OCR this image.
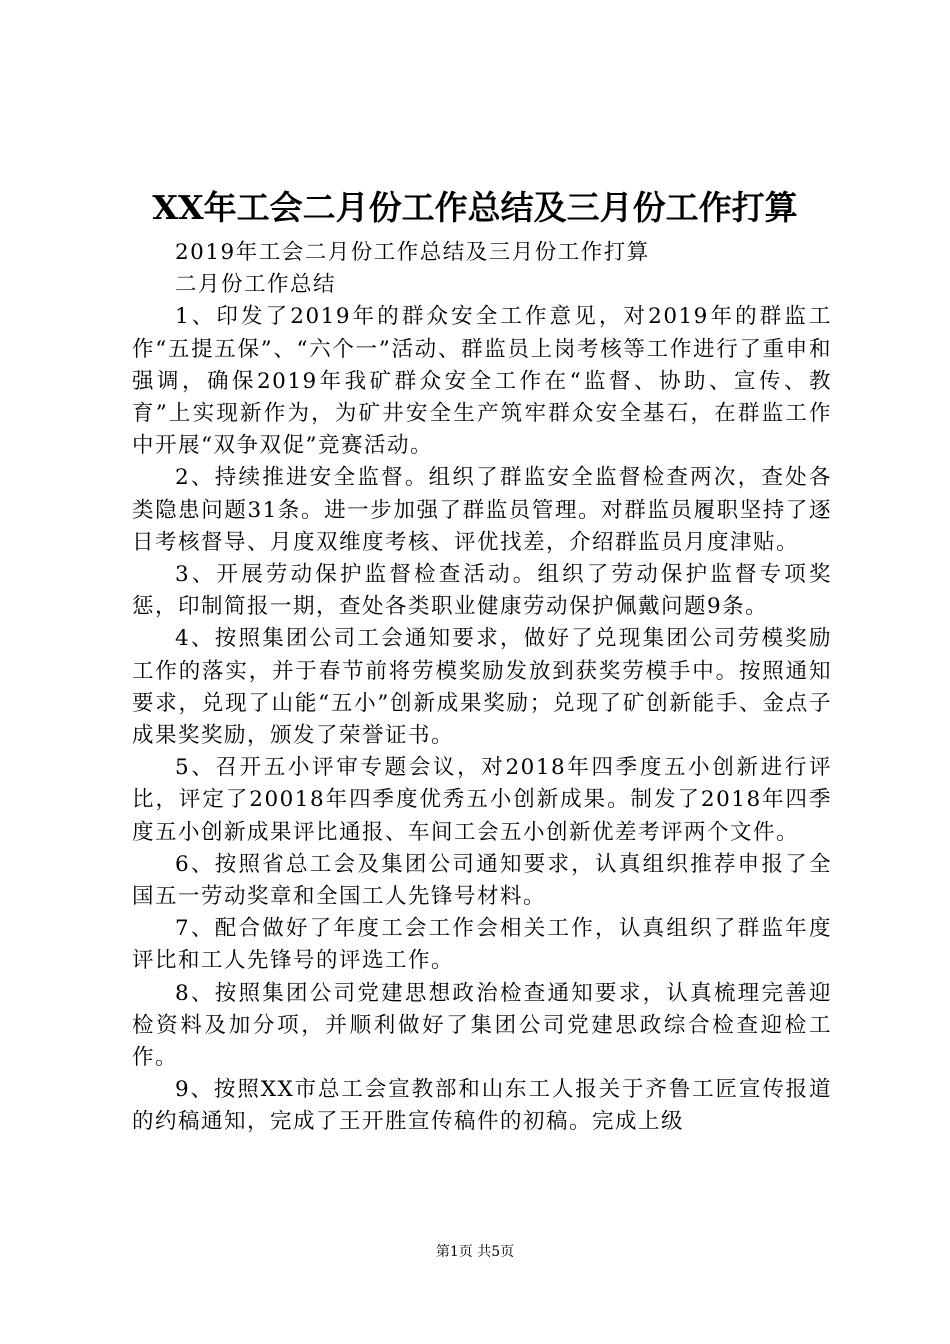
XX年工会二月份工作总结及三月份工作打算

2019年工会二月份工作总结及三月份工作打算

二月份工作总结

1、印发了2019年的群众安全工作意见，对2019年的群监工作“五提五保”、“六个一”活动、群监员上岗考核等工作进行了重申和强调，确保2019年我矿群众安全工作在“监督、协助、宣传、教育”上实现新作为，为矿井安全生产筑牢群众安全基石，在群监工作中开展“双争双促”竞赛活动。

2、持续推进安全监督。组织了群监安全监督检查两次，查处各类隐患问题31条。进一步加强了群监员管理。对群监员履职坚持了逐日考核督导、月度双维度考核、评优找差，介绍群监员月度津贴。

3、开展劳动保护监督检查活动。组织了劳动保护监督专项奖惩，印制简报一期，查处各类职业健康劳动保护佩戴问题9条。

4、按照集团公司工会通知要求，做好了兑现集团公司劳模奖励工作的落实，并于春节前将劳模奖励发放到获奖劳模手中。按照通知要求，兑现了山能“五小”创新成果奖励；兑现了矿创新能手、金点子成果奖奖励，颁发了荣誉证书。

5、召开五小评审专题会议，对2018年四季度五小创新进行评比，评定了20018年四季度优秀五小创新成果。制发了2018年四季度五小创新成果评比通报、车间工会五小创新优差考评两个文件。

6、按照省总工会及集团公司通知要求，认真组织推荐申报了全国五一劳动奖章和全国工人先锋号材料。

7、配合做好了年度工会工作会相关工作，认真组织了群监年度评比和工人先锋号的评选工作。

8、按照集团公司党建思想政治检查通知要求，认真梳理完善迎检资料及加分项，并顺利做好了集团公司党建思政综合检查迎检工作。

9、按照XX市总工会宣教部和山东工人报关于齐鲁工匠宣传报道的约稿通知，完成了王开胜宣传稿件的初稿。完成上级

第1页 共5页
